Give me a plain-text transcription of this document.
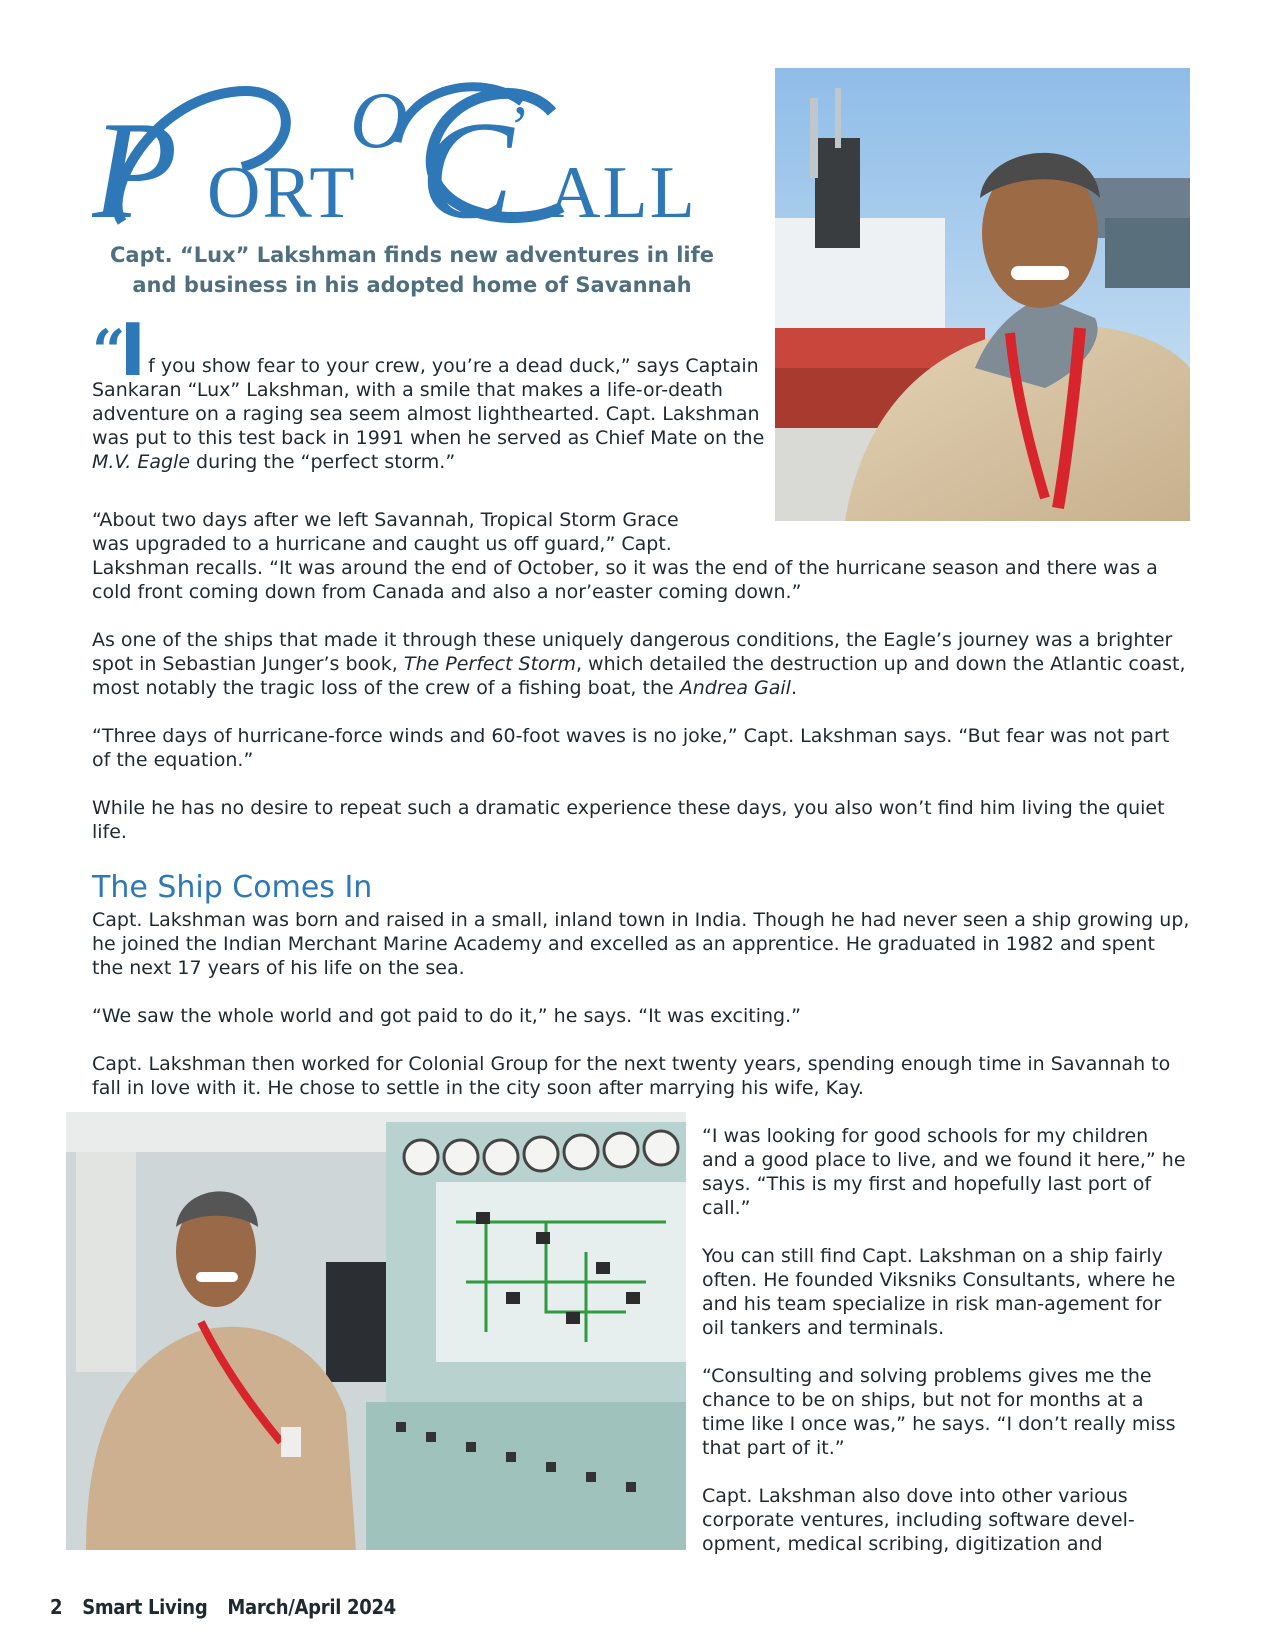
P ORT C
O ’
ALL
Capt. “Lux” Lakshman finds new adventures in life and business in his adopted home of Savannah

“I f you show fear to your crew, you’re a dead duck,” says Captain Sankaran “Lux” Lakshman, with a smile that makes a life-or-death adventure on a raging sea seem almost lighthearted. Capt. Lakshman was put to this test back in 1991 when he served as Chief Mate on the M.V. Eagle during the “perfect storm.”

“About two days after we left Savannah, Tropical Storm Grace
was upgraded to a hurricane and caught us off guard,” Capt.
Lakshman recalls. “It was around the end of October, so it was the end of the hurricane season and there was a cold front coming down from Canada and also a nor’easter coming down.”

As one of the ships that made it through these uniquely dangerous conditions, the Eagle’s journey was a brighter spot in Sebastian Junger’s book, The Perfect Storm, which detailed the destruction up and down the Atlantic coast, most notably the tragic loss of the crew of a fishing boat, the Andrea Gail.

“Three days of hurricane-force winds and 60-foot waves is no joke,” Capt. Lakshman says. “But fear was not part of the equation.”

While he has no desire to repeat such a dramatic experience these days, you also won’t find him living the quiet life.

The Ship Comes In

Capt. Lakshman was born and raised in a small, inland town in India. Though he had never seen a ship growing up, he joined the Indian Merchant Marine Academy and excelled as an apprentice. He graduated in 1982 and spent the next 17 years of his life on the sea.

“We saw the whole world and got paid to do it,” he says. “It was exciting.”

Capt. Lakshman then worked for Colonial Group for the next twenty years, spending enough time in Savannah to fall in love with it. He chose to settle in the city soon after marrying his wife, Kay.

“I was looking for good schools for my children and a good place to live, and we found it here,” he says. “This is my first and hopefully last port of call.”

You can still find Capt. Lakshman on a ship fairly often. He founded Viksniks Consultants, where he and his team specialize in risk man-agement for oil tankers and terminals.

“Consulting and solving problems gives me the chance to be on ships, but not for months at a time like I once was,” he says. “I don’t really miss that part of it.”

Capt. Lakshman also dove into other various corporate ventures, including software devel-opment, medical scribing, digitization and

2 Smart Living March/April 2024
